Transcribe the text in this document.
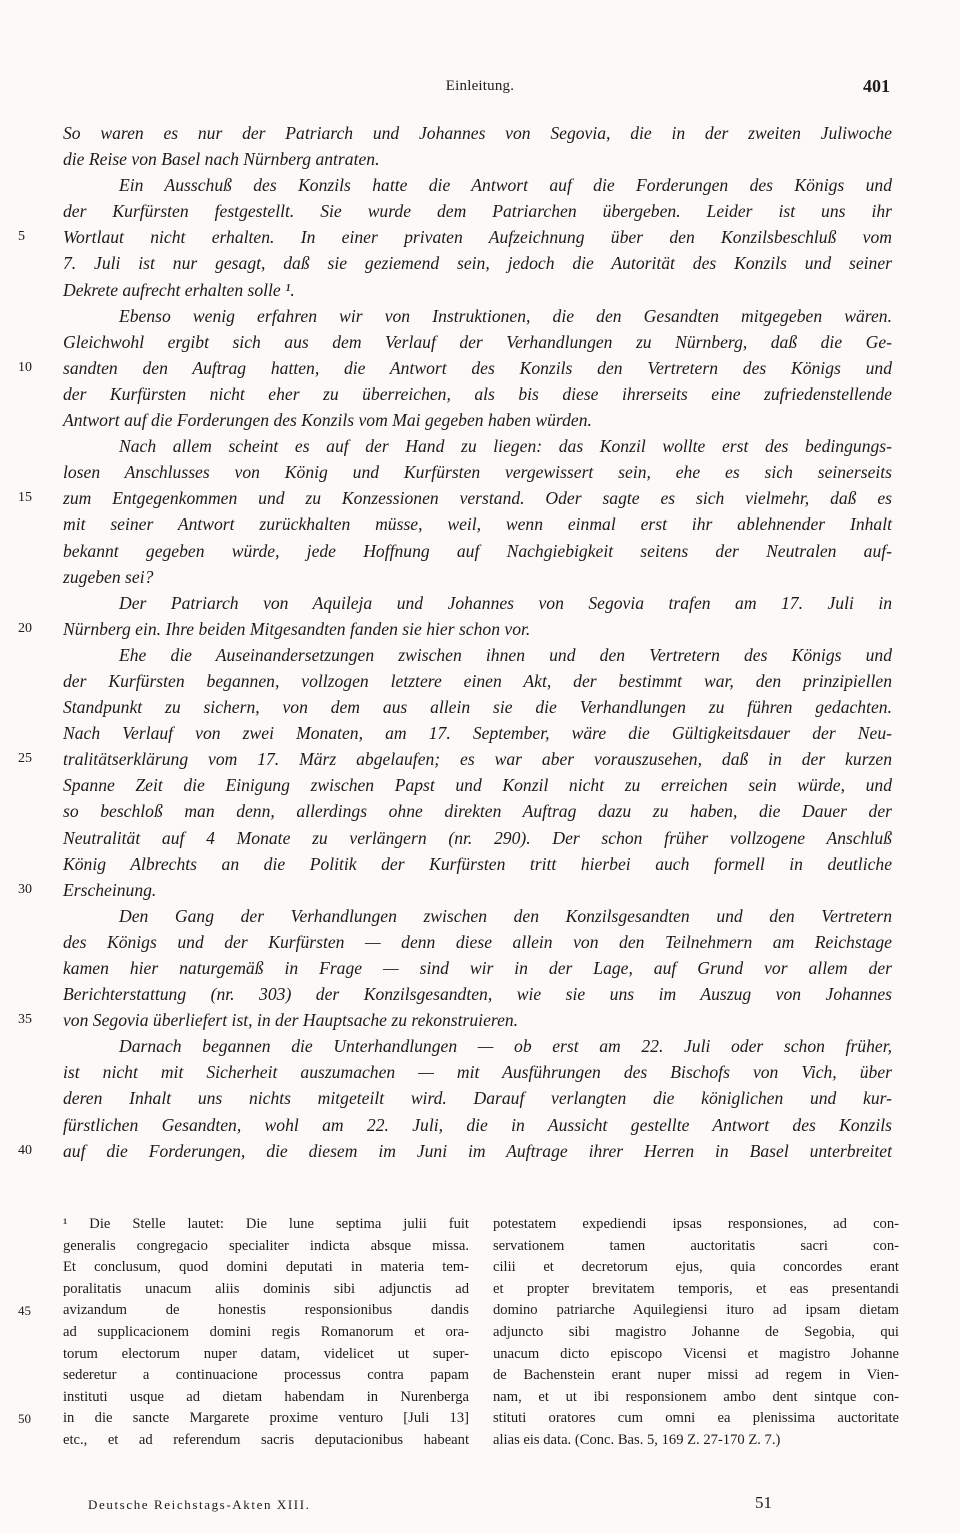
Einleitung.	401
So waren es nur der Patriarch und Johannes von Segovia, die in der zweiten Juliwoche
die Reise von Basel nach Nürnberg antraten.
Ein Ausschuß des Konzils hatte die Antwort auf die Forderungen des Königs und
der Kurfürsten festgestellt. Sie wurde dem Patriarchen übergeben. Leider ist uns ihr
5	Wortlaut nicht erhalten. In einer privaten Aufzeichnung über den Konzilsbeschluß vom
7. Juli ist nur gesagt, daß sie geziemend sein, jedoch die Autorität des Konzils und seiner
Dekrete aufrecht erhalten solle ¹.
Ebenso wenig erfahren wir von Instruktionen, die den Gesandten mitgegeben wären.
Gleichwohl ergibt sich aus dem Verlauf der Verhandlungen zu Nürnberg, daß die Ge-
10	sandten den Auftrag hatten, die Antwort des Konzils den Vertretern des Königs und
der Kurfürsten nicht eher zu überreichen, als bis diese ihrerseits eine zufriedenstellende
Antwort auf die Forderungen des Konzils vom Mai gegeben haben würden.
Nach allem scheint es auf der Hand zu liegen: das Konzil wollte erst des bedingungs-
losen Anschlusses von König und Kurfürsten vergewissert sein, ehe es sich seinerseits
15	zum Entgegenkommen und zu Konzessionen verstand. Oder sagte es sich vielmehr, daß es
mit seiner Antwort zurückhalten müsse, weil, wenn einmal erst ihr ablehnender Inhalt
bekannt gegeben würde, jede Hoffnung auf Nachgiebigkeit seitens der Neutralen auf-
zugeben sei?
Der Patriarch von Aquileja und Johannes von Segovia trafen am 17. Juli in
20	Nürnberg ein. Ihre beiden Mitgesandten fanden sie hier schon vor.
Ehe die Auseinandersetzungen zwischen ihnen und den Vertretern des Königs und
der Kurfürsten begannen, vollzogen letztere einen Akt, der bestimmt war, den prinzipiellen
Standpunkt zu sichern, von dem aus allein sie die Verhandlungen zu führen gedachten.
Nach Verlauf von zwei Monaten, am 17. September, wäre die Gültigkeitsdauer der Neu-
25	tralitätserklärung vom 17. März abgelaufen; es war aber vorauszusehen, daß in der kurzen
Spanne Zeit die Einigung zwischen Papst und Konzil nicht zu erreichen sein würde, und
so beschloß man denn, allerdings ohne direkten Auftrag dazu zu haben, die Dauer der
Neutralität auf 4 Monate zu verlängern (nr. 290). Der schon früher vollzogene Anschluß
König Albrechts an die Politik der Kurfürsten tritt hierbei auch formell in deutliche
30	Erscheinung.
Den Gang der Verhandlungen zwischen den Konzilsgesandten und den Vertretern
des Königs und der Kurfürsten — denn diese allein von den Teilnehmern am Reichstage
kamen hier naturgemäß in Frage — sind wir in der Lage, auf Grund vor allem der
Berichterstattung (nr. 303) der Konzilsgesandten, wie sie uns im Auszug von Johannes
35	von Segovia überliefert ist, in der Hauptsache zu rekonstruieren.
Darnach begannen die Unterhandlungen — ob erst am 22. Juli oder schon früher,
ist nicht mit Sicherheit auszumachen — mit Ausführungen des Bischofs von Vich, über
deren Inhalt uns nichts mitgeteilt wird. Darauf verlangten die königlichen und kur-
fürstlichen Gesandten, wohl am 22. Juli, die in Aussicht gestellte Antwort des Konzils
40	auf die Forderungen, die diesem im Juni im Auftrage ihrer Herren in Basel unterbreitet
¹ Die Stelle lautet: Die lune septima julii fuit
generalis congregacio specialiter indicta absque missa.
Et conclusum, quod domini deputati in materia tem-
poralitatis unacum aliis dominis sibi adjunctis ad
45	avizandum de honestis responsionibus dandis
ad supplicacionem domini regis Romanorum et ora-
torum electorum nuper datam, videlicet ut super-
sederetur a continuacione processus contra papam
instituti usque ad dietam habendam in Nurenberga
50	in die sancte Margarete proxime venturo [Juli 13]
etc., et ad referendum sacris deputacionibus habeant
potestatem expediendi ipsas responsiones, ad con-
servationem tamen auctoritatis sacri con-
cilii et decretorum ejus, quia concordes erant
et propter brevitatem temporis, et eas presentandi
domino patriarche Aquilegiensi ituro ad ipsam dietam
adjuncto sibi magistro Johanne de Segobia, qui
unacum dicto episcopo Vicensi et magistro Johanne
de Bachenstein erant nuper missi ad regem in Vien-
nam, et ut ibi responsionem ambo dent sintque con-
stituti oratores cum omni ea plenissima auctoritate
alias eis data. (Conc. Bas. 5, 169 Z. 27-170 Z. 7.)
Deutsche Reichstags-Akten XIII.	51
